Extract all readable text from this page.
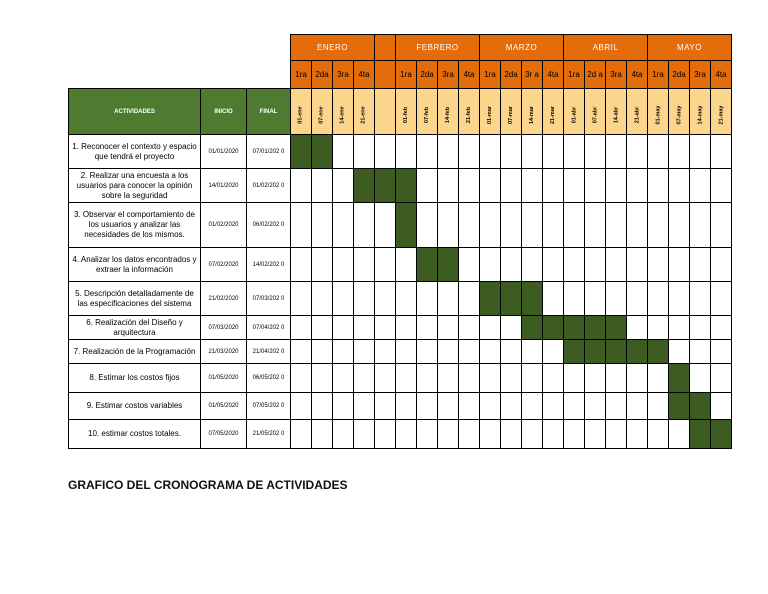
			ENERO					FEBRERO				MARZO				ABRIL				MAYO			
			1ra	2da	3ra	4ta		1ra	2da	3ra	4ta	1ra	2da	3r a	4ta	1ra	2d a	3ra	4ta	1ra	2da	3ra	4ta
ACTIVIDADES	INICIO	FINAL	01-ene	07-ene	14-ene	21-ene		01-feb	07-feb	14-feb	21-feb	01-mar	07-mar	14-mar	21-mar	01-abr	07-abr	14-abr	21-abr	01-may	07-may	14-may	21-may
1. Reconocer el contexto y espacio que tendrá el proyecto	01/01/2020	07/01/202 0																					
2. Realizar una encuesta a los usuarios para conocer la opinión sobre la seguridad	14/01/2020	01/02/202 0																					
3. Observar el comportamiento de los usuarios y analizar las necesidades de los mismos.	01/02/2020	06/02/202 0																					
4. Analizar los datos encontrados y extraer la información	07/02/2020	14/02/202 0																					
5. Descripción detalladamente de las especificaciones del sistema	21/02/2020	07/03/202 0																					
6. Realización del Diseño y arquitectura	07/03/2020	07/04/202 0																					
7. Realización de la Programación	21/03/2020	21/04/202 0																					
8. Estimar los costos fijos	01/05/2020	06/05/202 0																					
9. Estimar costos variables	01/05/2020	07/05/202 0																					
10. estimar costos totales.	07/05/2020	21/05/202 0																					

GRAFICO DEL CRONOGRAMA DE ACTIVIDADES
